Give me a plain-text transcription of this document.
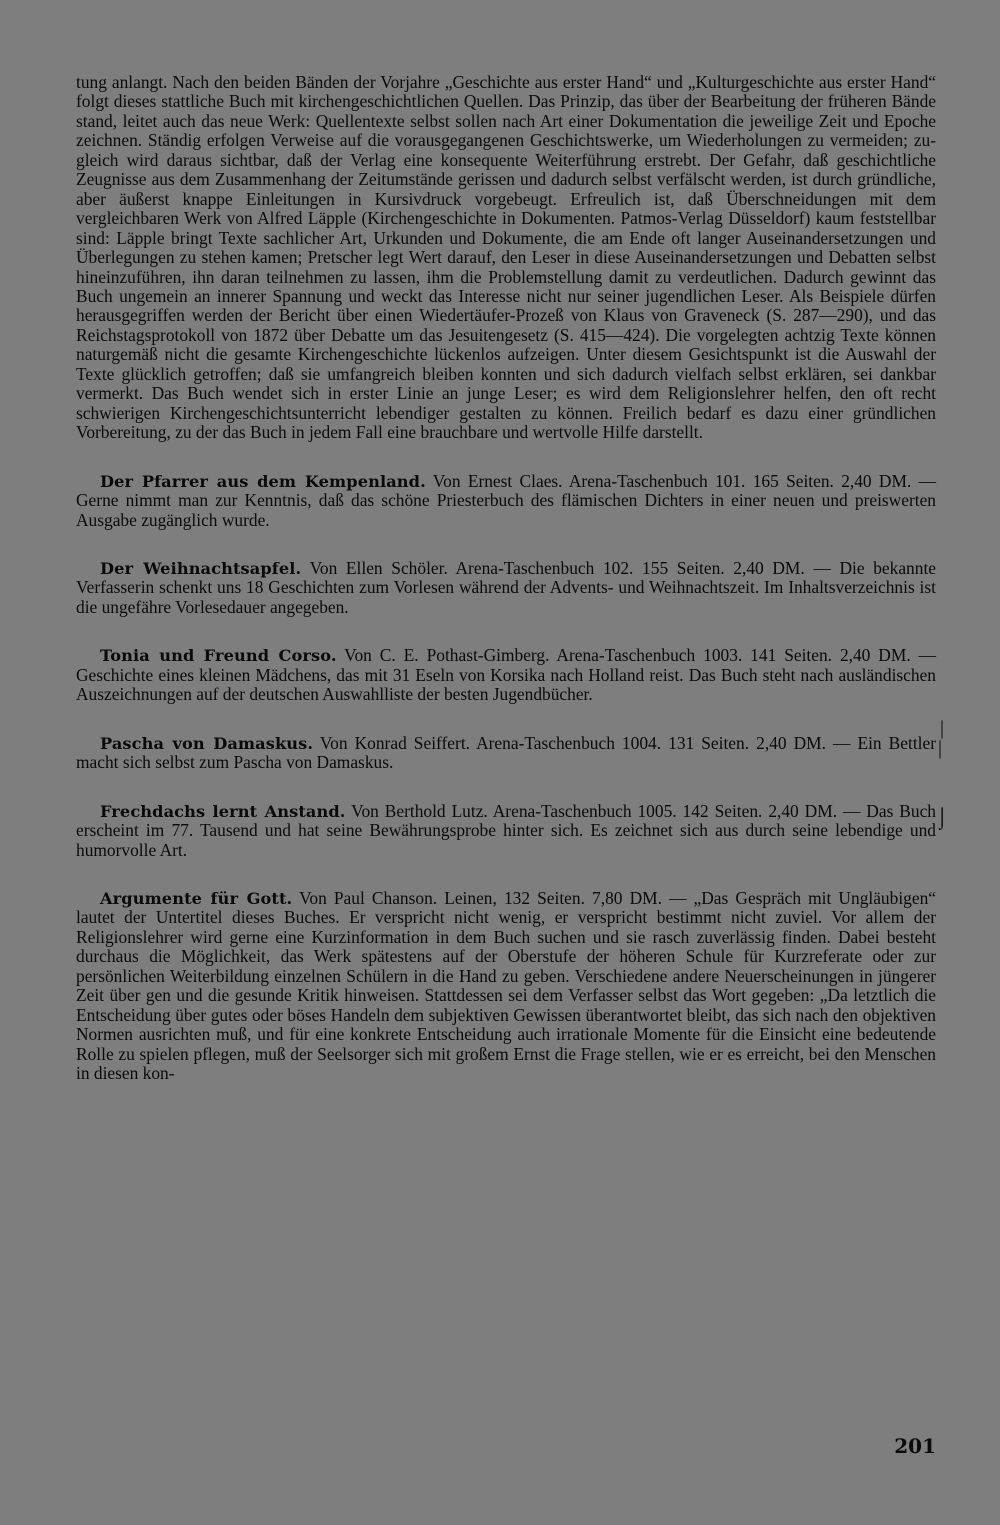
tung anlangt. Nach den beiden Bänden der Vorjahre „Geschichte aus erster Hand“ und „Kulturgeschichte aus erster Hand“ folgt dieses stattliche Buch mit kirchengeschichtlichen Quellen. Das Prinzip, das über der Bearbeitung der früheren Bände stand, leitet auch das neue Werk: Quellentexte selbst sollen nach Art einer Dokumentation die jeweilige Zeit und Epoche zeichnen. Ständig erfolgen Verweise auf die vorausgegangenen Geschichtswerke, um Wiederholungen zu vermeiden; zugleich wird daraus sichtbar, daß der Verlag eine konsequente Weiterführung erstrebt. Der Gefahr, daß geschichtliche Zeugnisse aus dem Zusammenhang der Zeitumstände gerissen und dadurch selbst verfälscht werden, ist durch gründliche, aber äußerst knappe Einleitungen in Kursivdruck vorgebeugt. Erfreulich ist, daß Überschneidungen mit dem vergleichbaren Werk von Alfred Läpple (Kirchengeschichte in Dokumenten. Patmos-Verlag Düsseldorf) kaum feststellbar sind: Läpple bringt Texte sachlicher Art, Urkunden und Dokumente, die am Ende oft langer Auseinandersetzungen und Überlegungen zu stehen kamen; Pretscher legt Wert darauf, den Leser in diese Auseinandersetzungen und Debatten selbst hineinzuführen, ihn daran teilnehmen zu lassen, ihm die Problemstellung damit zu verdeutlichen. Dadurch gewinnt das Buch ungemein an innerer Spannung und weckt das Interesse nicht nur seiner jugendlichen Leser. Als Beispiele dürfen herausgegriffen werden der Bericht über einen Wiedertäufer-Prozeß von Klaus von Graveneck (S. 287—290), und das Reichstagsprotokoll von 1872 über Debatte um das Jesuitengesetz (S. 415—424). Die vorgelegten achtzig Texte können naturgemäß nicht die gesamte Kirchengeschichte lückenlos aufzeigen. Unter diesem Gesichtspunkt ist die Auswahl der Texte glücklich getroffen; daß sie umfangreich bleiben konnten und sich dadurch vielfach selbst erklären, sei dankbar vermerkt. Das Buch wendet sich in erster Linie an junge Leser; es wird dem Religionslehrer helfen, den oft recht schwierigen Kirchengeschichtsunterricht lebendiger gestalten zu können. Freilich bedarf es dazu einer gründlichen Vorbereitung, zu der das Buch in jedem Fall eine brauchbare und wertvolle Hilfe darstellt.

Der Pfarrer aus dem Kempenland. Von Ernest Claes. Arena-Taschenbuch 101. 165 Seiten. 2,40 DM. — Gerne nimmt man zur Kenntnis, daß das schöne Priesterbuch des flämischen Dichters in einer neuen und preiswerten Ausgabe zugänglich wurde.

Der Weihnachtsapfel. Von Ellen Schöler. Arena-Taschenbuch 102. 155 Seiten. 2,40 DM. — Die bekannte Verfasserin schenkt uns 18 Geschichten zum Vorlesen während der Advents- und Weihnachtszeit. Im Inhaltsverzeichnis ist die ungefähre Vorlesedauer angegeben.

Tonia und Freund Corso. Von C. E. Pothast-Gimberg. Arena-Taschenbuch 1003. 141 Seiten. 2,40 DM. — Geschichte eines kleinen Mädchens, das mit 31 Eseln von Korsika nach Holland reist. Das Buch steht nach ausländischen Auszeichnungen auf der deutschen Auswahlliste der besten Jugendbücher.

Pascha von Damaskus. Von Konrad Seiffert. Arena-Taschenbuch 1004. 131 Seiten. 2,40 DM. — Ein Bettler macht sich selbst zum Pascha von Damaskus.

Frechdachs lernt Anstand. Von Berthold Lutz. Arena-Taschenbuch 1005. 142 Seiten. 2,40 DM. — Das Buch erscheint im 77. Tausend und hat seine Bewährungsprobe hinter sich. Es zeichnet sich aus durch seine lebendige und humorvolle Art.

Argumente für Gott. Von Paul Chanson. Leinen, 132 Seiten. 7,80 DM. — „Das Gespräch mit Ungläubigen“ lautet der Untertitel dieses Buches. Er verspricht nicht wenig, er verspricht bestimmt nicht zuviel. Vor allem der Religionslehrer wird gerne eine Kurzinformation in dem Buch suchen und sie rasch zuverlässig finden. Dabei besteht durchaus die Möglichkeit, das Werk spätestens auf der Oberstufe der höheren Schule für Kurzreferate oder zur persönlichen Weiterbildung einzelnen Schülern in die Hand zu geben. Verschiedene andere Neuerscheinungen in jüngerer Zeit über gen und die gesunde Kritik hinweisen. Stattdessen sei dem Verfasser selbst das Wort gegeben: „Da letztlich die Entscheidung über gutes oder böses Handeln dem subjektiven Gewissen überantwortet bleibt, das sich nach den objektiven Normen ausrichten muß, und für eine konkrete Entscheidung auch irrationale Momente für die Einsicht eine bedeutende Rolle zu spielen pflegen, muß der Seelsorger sich mit großem Ernst die Frage stellen, wie er es erreicht, bei den Menschen in diesen kon-

|
|
⌡
201
